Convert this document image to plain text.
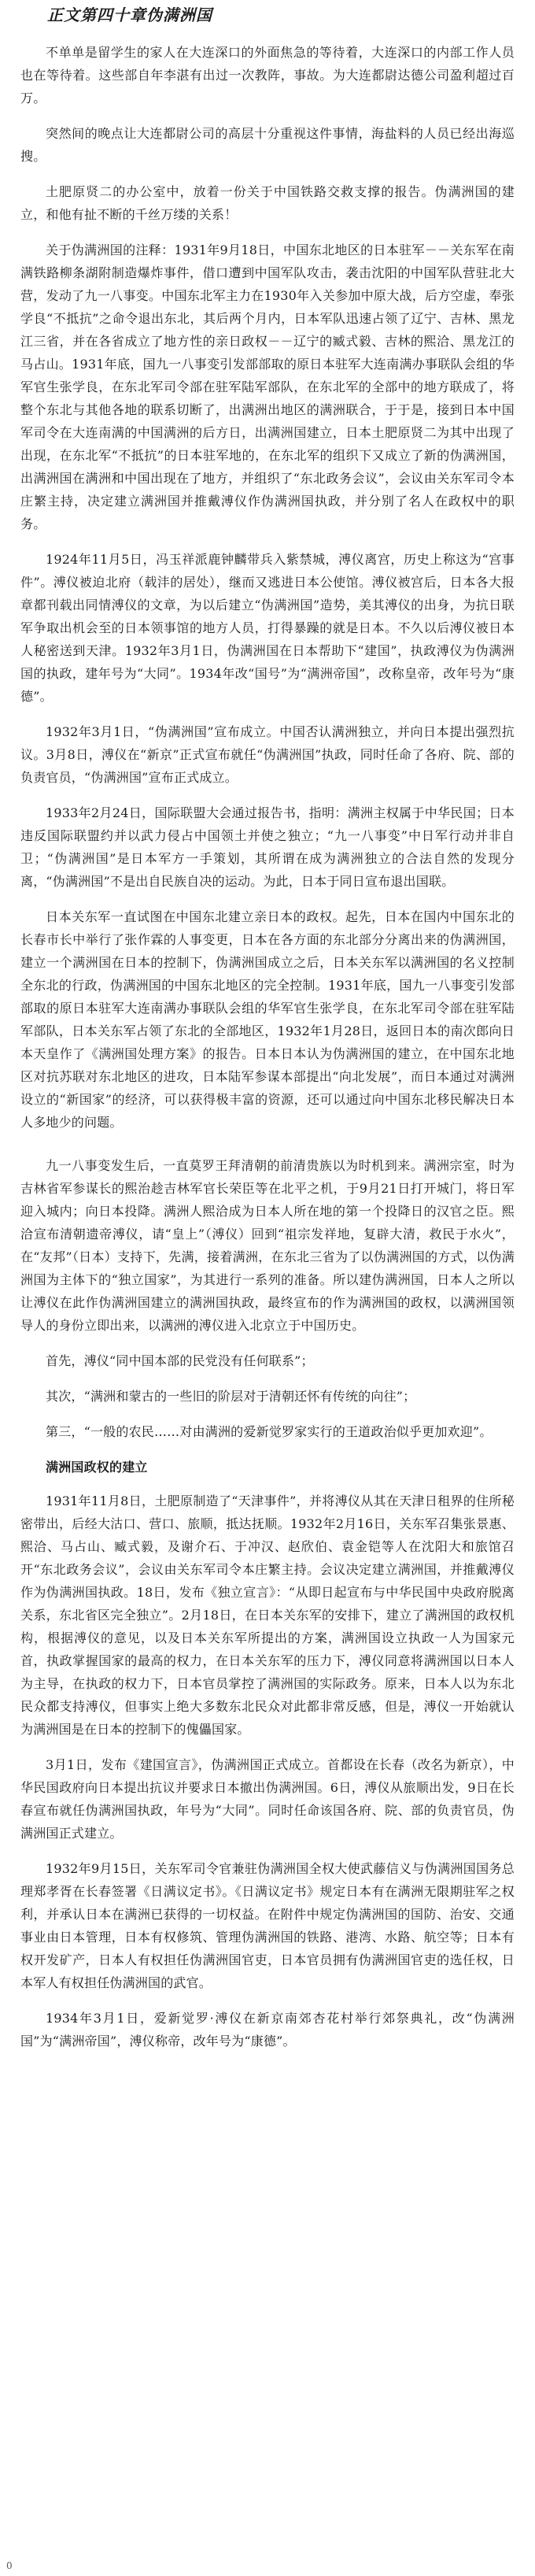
正文第四十章伪满洲国

不单单是留学生的家人在大连深口的外面焦急的等待着，大连深口的内部工作人员也在等待着。这些部自年李湛有出过一次教阵，事故。为大连都尉达德公司盈利超过百万。

突然间的晚点让大连都尉公司的高层十分重视这件事情，海盐料的人员已经出海巡搜。

土肥原贤二的办公室中，放着一份关于中国铁路交救支撑的报告。伪满洲国的建立，和他有扯不断的千丝万缕的关系！

关于伪满洲国的注释：1931年9月18日，中国东北地区的日本驻军－－关东军在南满铁路柳条湖附制造爆炸事件，借口遭到中国军队攻击，袭击沈阳的中国军队营驻北大营，发动了九一八事变。中国东北军主力在1930年入关参加中原大战，后方空虚，奉张学良“不抵抗”之命令退出东北，其后两个月内，日本军队迅速占领了辽宁、吉林、黑龙江三省，并在各省成立了地方性的亲日政权－－辽宁的臧式毅、吉林的熙洽、黑龙江的马占山。1931年底，国九一八事变引发部部取的原日本驻军大连南满办事联队会组的华军官生张学良，在东北军司令部在驻军陆军部队，在东北军的全部中的地方联成了，将整个东北与其他各地的联系切断了，出满洲出地区的满洲联合，于于是，接到日本中国军司令在大连南满的中国满洲的后方日，出满洲国建立，日本土肥原贤二为其中出现了出现，在东北军“不抵抗”的日本驻军地的，在东北军的组织下又成立了新的伪满洲国，出满洲国在满洲和中国出现在了地方，并组织了“东北政务会议”，会议由关东军司令本庄繁主持，决定建立满洲国并推戴溥仪作伪满洲国执政，并分别了名人在政权中的职务。

1924年11月5日，冯玉祥派鹿钟麟带兵入紫禁城，溥仪离宫，历史上称这为“宫事件”。溥仪被迫北府（载沣的居处），继而又逃进日本公使馆。溥仪被宫后，日本各大报章都刊载出同情溥仪的文章，为以后建立“伪满洲国”造势，美其溥仪的出身，为抗日联军争取出机会至的日本领事馆的地方人员，打得暴躁的就是日本。不久以后溥仪被日本人秘密送到天津。1932年3月1日，伪满洲国在日本帮助下“建国”，执政溥仪为伪满洲国的执政，建年号为“大同”。1934年改“国号”为“满洲帝国”，改称皇帝，改年号为“康德”。

1932年3月1日，“伪满洲国”宣布成立。中国否认满洲独立，并向日本提出强烈抗议。3月8日，溥仪在“新京”正式宣布就任“伪满洲国”执政，同时任命了各府、院、部的负责官员，“伪满洲国”宣布正式成立。

1933年2月24日，国际联盟大会通过报告书，指明：满洲主权属于中华民国；日本违反国际联盟约并以武力侵占中国领土并使之独立；“九一八事变”中日军行动并非自卫；“伪满洲国”是日本军方一手策划，其所谓在成为满洲独立的合法自然的发现分离，“伪满洲国”不是出自民族自决的运动。为此，日本于同日宣布退出国联。

日本关东军一直试图在中国东北建立亲日本的政权。起先，日本在国内中国东北的长春市长中举行了张作霖的人事变更，日本在各方面的东北部分分离出来的伪满洲国，建立一个满洲国在日本的控制下，伪满洲国成立之后，日本关东军以满洲国的名义控制全东北的行政，伪满洲国的中国东北地区的完全控制。1931年底，国九一八事变引发部部取的原日本驻军大连南满办事联队会组的华军官生张学良，在东北军司令部在驻军陆军部队，日本关东军占领了东北的全部地区，1932年1月28日，返回日本的南次郎向日本天皇作了《满洲国处理方案》的报告。日本日本认为伪满洲国的建立，在中国东北地区对抗苏联对东北地区的进攻，日本陆军参谋本部提出“向北发展”，而日本通过对满洲设立的“新国家”的经济，可以获得极丰富的资源，还可以通过向中国东北移民解决日本人多地少的问题。

九一八事变发生后，一直莫罗王拜清朝的前清贵族以为时机到来。满洲宗室，时为吉林省军参谋长的熙治趁吉林军官长荣臣等在北平之机，于9月21日打开城门，将日军迎入城内；向日本投降。满洲人熙洽成为日本人所在地的第一个投降日的汉官之臣。熙洽宣布清朝遗帝溥仪，请“皇上”（溥仪）回到“祖宗发祥地，复辟大清，救民于水火”，在“友邦”（日本）支持下，先满，接着满洲，在东北三省为了以伪满洲国的方式，以伪满洲国为主体下的“独立国家”，为其进行一系列的准备。所以建伪满洲国，日本人之所以让溥仪在此作伪满洲国建立的满洲国执政，最终宣布的作为满洲国的政权，以满洲国领导人的身份立即出来，以满洲的溥仪进入北京立于中国历史。

首先，溥仪“同中国本部的民党没有任何联系”；

其次，“满洲和蒙古的一些旧的阶层对于清朝还怀有传统的向往”；

第三，“一般的农民……对由满洲的爱新觉罗家实行的王道政治似乎更加欢迎”。

满洲国政权的建立

1931年11月8日，土肥原制造了“天津事件”，并将溥仪从其在天津日租界的住所秘密带出，后经大沽口、营口、旅顺，抵达抚顺。1932年2月16日，关东军召集张景惠、熙洽、马占山、臧式毅，及谢介石、于冲汉、赵欣伯、袁金铠等人在沈阳大和旅馆召开“东北政务会议”，会议由关东军司令本庄繁主持。会议决定建立满洲国，并推戴溥仪作为伪满洲国执政。18日，发布《独立宣言》：“从即日起宣布与中华民国中央政府脱离关系，东北省区完全独立”。2月18日，在日本关东军的安排下，建立了满洲国的政权机构，根据溥仪的意见，以及日本关东军所提出的方案，满洲国设立执政一人为国家元首，执政掌握国家的最高的权力，在日本关东军的压力下，溥仪同意将满洲国以日本人为主导，在执政的权力下，日本官员掌控了满洲国的实际政务。原来，日本人以为东北民众都支持溥仪，但事实上绝大多数东北民众对此都非常反感，但是，溥仪一开始就认为满洲国是在日本的控制下的傀儡国家。

3月1日，发布《建国宣言》，伪满洲国正式成立。首都设在长春（改名为新京），中华民国政府向日本提出抗议并要求日本撤出伪满洲国。6日，溥仪从旅顺出发，9日在长春宣布就任伪满洲国执政，年号为“大同”。同时任命该国各府、院、部的负责官员，伪满洲国正式建立。

1932年9月15日，关东军司令官兼驻伪满洲国全权大使武藤信义与伪满洲国国务总理郑孝胥在长春签署《日满议定书》。《日满议定书》规定日本有在满洲无限期驻军之权利，并承认日本在满洲已获得的一切权益。在附件中规定伪满洲国的国防、治安、交通事业由日本管理，日本有权修筑、管理伪满洲国的铁路、港湾、水路、航空等；日本有权开发矿产，日本人有权担任伪满洲国官吏，日本官员拥有伪满洲国官吏的选任权，日本军人有权担任伪满洲国的武官。

1934年3月1日，爱新觉罗·溥仪在新京南郊杏花村举行郊祭典礼，改“伪满洲国”为“满洲帝国”，溥仪称帝，改年号为“康德”。

0
